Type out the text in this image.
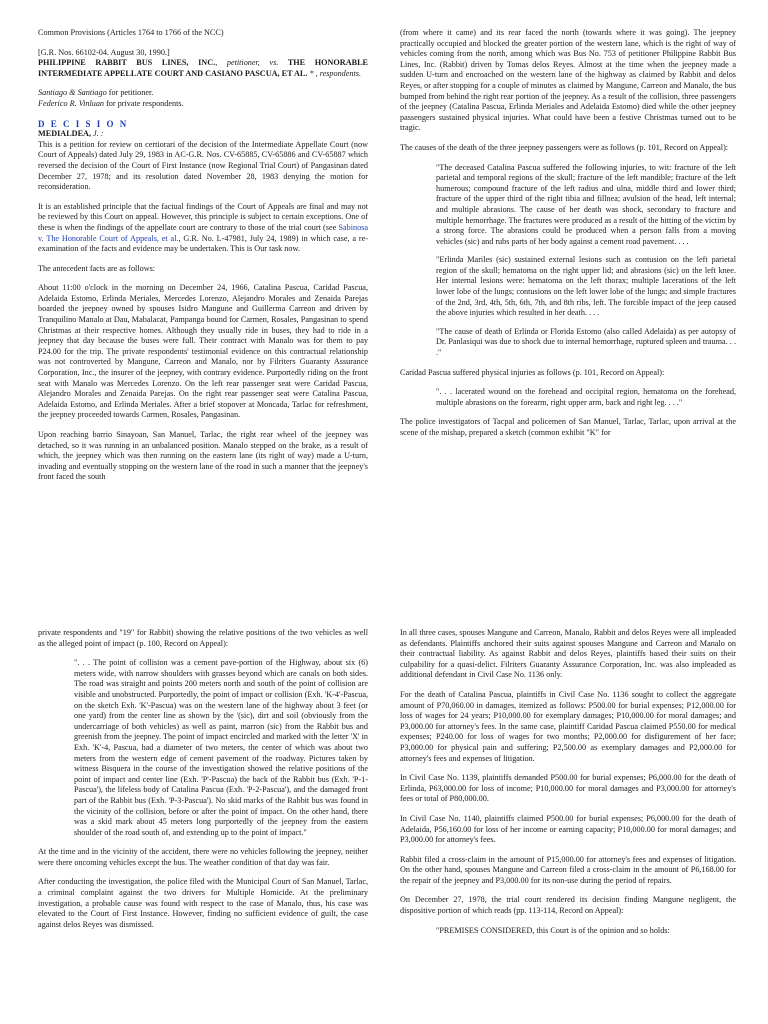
Common Provisions (Articles 1764 to 1766 of the NCC)

[G.R. Nos. 66102-04. August 30, 1990.]

PHILIPPINE RABBIT BUS LINES, INC., petitioner, vs. THE HONORABLE INTERMEDIATE APPELLATE COURT AND CASIANO PASCUA, ET AL. * , respondents.

Santiago & Santiago for petitioner.

Federico R. Vinluan for private respondents.

D E C I S I O N

MEDIALDEA, J. :

This is a petition for review on certiorari of the decision of the Intermediate Appellate Court (now Court of Appeals) dated July 29, 1983 in AC-G.R. Nos. CV-65885, CV-65886 and CV-65887 which reversed the decision of the Court of First Instance (now Regional Trial Court) of Pangasinan dated December 27, 1978; and its resolution dated November 28, 1983 denying the motion for reconsideration.

It is an established principle that the factual findings of the Court of Appeals are final and may not be reviewed by this Court on appeal. However, this principle is subject to certain exceptions. One of these is when the findings of the appellate court are contrary to those of the trial court (see Sabinosa v. The Honorable Court of Appeals, et al., G.R. No. L-47981, July 24, 1989) in which case, a re-examination of the facts and evidence may be undertaken. This is Our task now.

The antecedent facts are as follows:

About 11:00 o'clock in the morning on December 24, 1966, Catalina Pascua, Caridad Pascua, Adelaida Estomo, Erlinda Meriales, Mercedes Lorenzo, Alejandro Morales and Zenaida Parejas boarded the jeepney owned by spouses Isidro Mangune and Guillerma Carreon and driven by Tranquilino Manalo at Dau, Mabalacat, Pampanga bound for Carmen, Rosales, Pangasinan to spend Christmas at their respective homes. Although they usually ride in buses, they had to ride in a jeepney that day because the buses were full. Their contract with Manalo was for them to pay P24.00 for the trip. The private respondents' testimonial evidence on this contractual relationship was not controverted by Mangune, Carreon and Manalo, nor by Filriters Guaranty Assurance Corporation, Inc., the insurer of the jeepney, with contrary evidence. Purportedly riding on the front seat with Manalo was Mercedes Lorenzo. On the left rear passenger seat were Caridad Pascua, Alejandro Morales and Zenaida Parejas. On the right rear passenger seat were Catalina Pascua, Adelaida Estomo, and Erlinda Meriales. After a brief stopover at Moncada, Tarlac for refreshment, the jeepney proceeded towards Carmen, Rosales, Pangasinan.

Upon reaching barrio Sinayoan, San Manuel, Tarlac, the right rear wheel of the jeepney was detached, so it was running in an unbalanced position. Manalo stepped on the brake, as a result of which, the jeepney which was then running on the eastern lane (its right of way) made a U-turn, invading and eventually stopping on the western lane of the road in such a manner that the jeepney's front faced the south

(from where it came) and its rear faced the north (towards where it was going). The jeepney practically occupied and blocked the greater portion of the western lane, which is the right of way of vehicles coming from the north, among which was Bus No. 753 of petitioner Philippine Rabbit Bus Lines, Inc. (Rabbit) driven by Tomas delos Reyes. Almost at the time when the jeepney made a sudden U-turn and encroached on the western lane of the highway as claimed by Rabbit and delos Reyes, or after stopping for a couple of minutes as claimed by Mangune, Carreon and Manalo, the bus bumped from behind the right rear portion of the jeepney. As a result of the collision, three passengers of the jeepney (Catalina Pascua, Erlinda Meriales and Adelaida Estomo) died while the other jeepney passengers sustained physical injuries. What could have been a festive Christmas turned out to be tragic.

The causes of the death of the three jeepney passengers were as follows (p. 101, Record on Appeal):

"The deceased Catalina Pascua suffered the following injuries, to wit: fracture of the left parietal and temporal regions of the skull; fracture of the left mandible; fracture of the left humerous; compound fracture of the left radius and ulna, middle third and lower third; fracture of the upper third of the right tibia and fillnea; avulsion of the head, left internal; and multiple abrasions. The cause of her death was shock, secondary to fracture and multiple hemorrhage. The fractures were produced as a result of the hitting of the victim by a strong force. The abrasions could be produced when a person falls from a moving vehicles (sic) and rubs parts of her body against a cement road pavement. . . .

"Erlinda Mariles (sic) sustained external lesions such as contusion on the left parietal region of the skull; hematoma on the right upper lid; and abrasions (sic) on the left knee. Her internal lesions were: hematoma on the left thorax; multiple lacerations of the left lower lobe of the lungs; contusions on the left lower lobe of the lungs; and simple fractures of the 2nd, 3rd, 4th, 5th, 6th, 7th, and 8th ribs, left. The forcible impact of the jeep caused the above injuries which resulted in her death. . . .

"The cause of death of Erlinda or Florida Estomo (also called Adelaida) as per autopsy of Dr. Panlasiqui was due to shock due to internal hemorrhage, ruptured spleen and trauma. . . ."

Caridad Pascua suffered physical injuries as follows (p. 101, Record on Appeal):

". . . lacerated wound on the forehead and occipital region, hematoma on the forehead, multiple abrasions on the forearm, right upper arm, back and right leg. . . ."

The police investigators of Tacpal and policemen of San Manuel, Tarlac, Tarlac, upon arrival at the scene of the mishap, prepared a sketch (common exhibit "K" for

private respondents and "19" for Rabbit) showing the relative positions of the two vehicles as well as the alleged point of impact (p. 100, Record on Appeal):

". . . The point of collision was a cement pave-portion of the Highway, about six (6) meters wide, with narrow shoulders with grasses beyond which are canals on both sides. The road was straight and points 200 meters north and south of the point of collision are visible and unobstructed. Purportedly, the point of impact or collision (Exh. 'K-4'-Pascua, on the sketch Exh. 'K'-Pascua) was on the western lane of the highway about 3 feet (or one yard) from the center line as shown by the '(sic), dirt and soil (obviously from the undercarriage of both vehicles) as well as paint, marron (sic) from the Rabbit bus and greenish from the jeepney. The point of impact encircled and marked with the letter 'X' in Exh. 'K'-4, Pascua, had a diameter of two meters, the center of which was about two meters from the western edge of cement pavement of the roadway. Pictures taken by witness Bisquera in the course of the investigation showed the relative positions of the point of impact and center line (Exh. 'P'-Pascua) the back of the Rabbit bus (Exh. 'P-1-Pascua'), the lifeless body of Catalina Pascua (Exh. 'P-2-Pascua'), and the damaged front part of the Rabbit bus (Exh. 'P-3-Pascua'). No skid marks of the Rabbit bus was found in the vicinity of the collision, before or after the point of impact. On the other hand, there was a skid mark about 45 meters long purportedly of the jeepney from the eastern shoulder of the road south of, and extending up to the point of impact."

At the time and in the vicinity of the accident, there were no vehicles following the jeepney, neither were there oncoming vehicles except the bus. The weather condition of that day was fair.

After conducting the investigation, the police filed with the Municipal Court of San Manuel, Tarlac, a criminal complaint against the two drivers for Multiple Homicide. At the preliminary investigation, a probable cause was found with respect to the case of Manalo, thus, his case was elevated to the Court of First Instance. However, finding no sufficient evidence of guilt, the case against delos Reyes was dismissed.

In all three cases, spouses Mangune and Carreon, Manalo, Rabbit and delos Reyes were all impleaded as defendants. Plaintiffs anchored their suits against spouses Mangune and Carreon and Manalo on their contractual liability. As against Rabbit and delos Reyes, plaintiffs based their suits on their culpability for a quasi-delict. Filriters Guaranty Assurance Corporation, Inc. was also impleaded as additional defendant in Civil Case No. 1136 only.

For the death of Catalina Pascua, plaintiffs in Civil Case No. 1136 sought to collect the aggregate amount of P70,060.00 in damages, itemized as follows: P500.00 for burial expenses; P12,000.00 for loss of wages for 24 years; P10,000.00 for exemplary damages; P10,000.00 for moral damages; and P3,000.00 for attorney's fees. In the same case, plaintiff Caridad Pascua claimed P550.00 for medical expenses; P240.00 for loss of wages for two months; P2,000.00 for disfigurement of her face; P3,000.00 for physical pain and suffering; P2,500.00 as exemplary damages and P2,000.00 for attorney's fees and expenses of litigation.

In Civil Case No. 1139, plaintiffs demanded P500.00 for burial expenses; P6,000.00 for the death of Erlinda, P63,000.00 for loss of income; P10,000.00 for moral damages and P3,000.00 for attorney's fees or total of P80,000.00.

In Civil Case No. 1140, plaintiffs claimed P500.00 for burial expenses; P6,000.00 for the death of Adelaida, P56,160.00 for loss of her income or earning capacity; P10,000.00 for moral damages; and P3,000.00 for attorney's fees.

Rabbit filed a cross-claim in the amount of P15,000.00 for attorney's fees and expenses of litigation. On the other hand, spouses Mangune and Carreon filed a cross-claim in the amount of P6,168.00 for the repair of the jeepney and P3,000.00 for its non-use during the period of repairs.

On December 27, 1978, the trial court rendered its decision finding Mangune negligent, the dispositive portion of which reads (pp. 113-114, Record on Appeal):

"PREMISES CONSIDERED, this Court is of the opinion and so holds:
